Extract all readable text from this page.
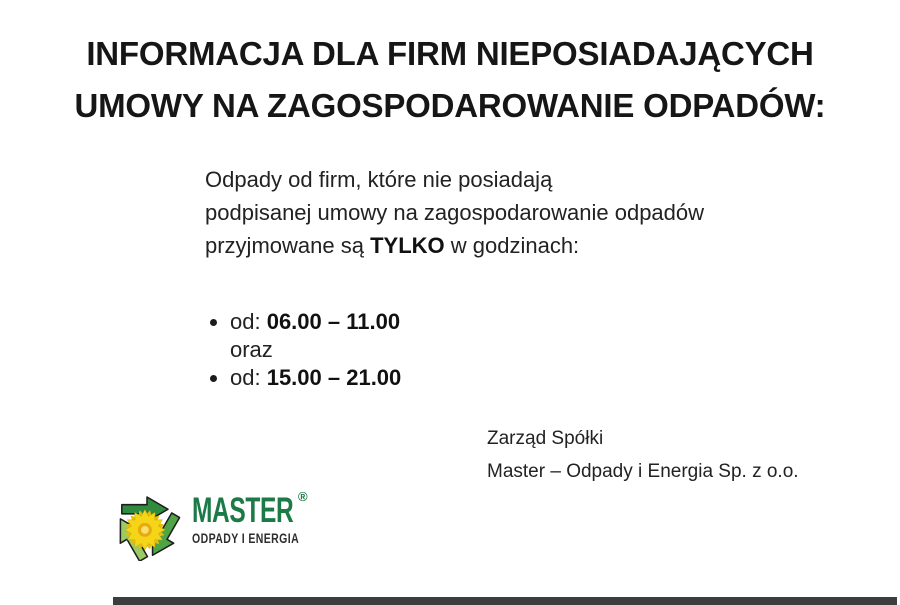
INFORMACJA DLA FIRM NIEPOSIADAJĄCYCH
UMOWY NA ZAGOSPODAROWANIE ODPADÓW:
Odpady od firm, które nie posiadają
podpisanej umowy na zagospodarowanie odpadów
przyjmowane są TYLKO w godzinach:
od: 06.00 – 11.00
oraz
od: 15.00 – 21.00
Zarząd Spółki
Master – Odpady i Energia Sp. z o.o.
MASTER ®
ODPADY I ENERGIA
